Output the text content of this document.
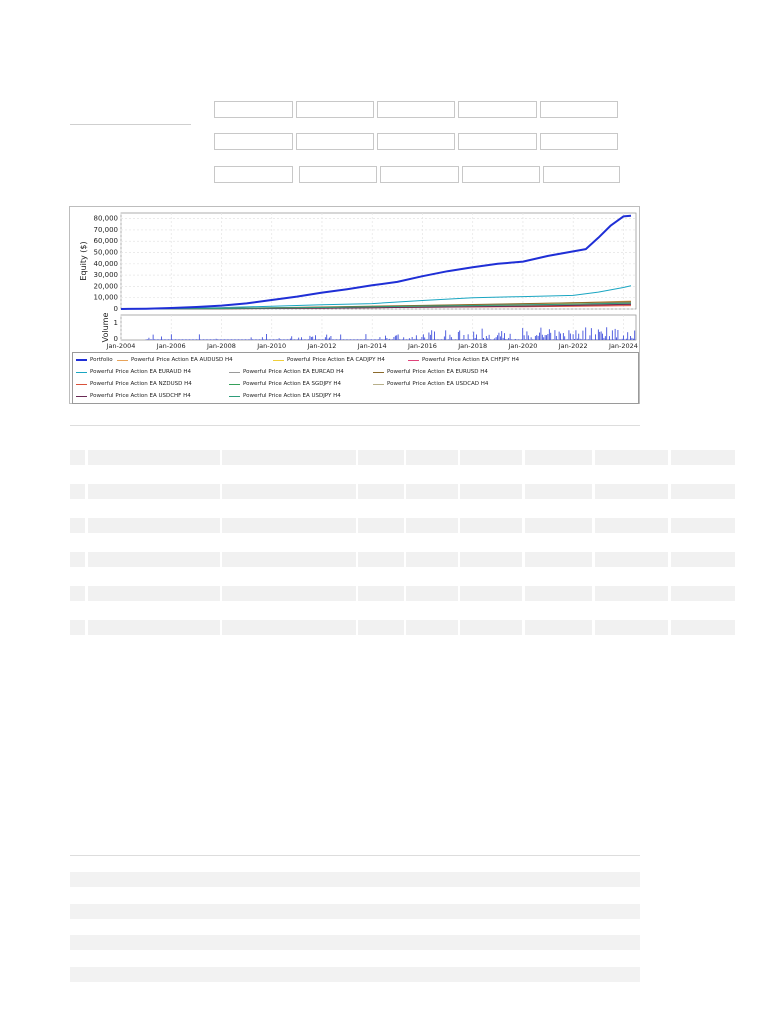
80,000
70,000
60,000
50,000
40,000
30,000
20,000
10,000
0
1
0
Jan-2004	Jan-2006	Jan-2008	Jan-2010	Jan-2012	Jan-2014	Jan-2016	Jan-2018	Jan-2020	Jan-2022	Jan-2024
Equity ($)
Volume
Portfolio	Powerful Price Action EA AUDUSD H4	Powerful Price Action EA CADJPY H4	Powerful Price Action EA CHFJPY H4
Powerful Price Action EA EURAUD H4	Powerful Price Action EA EURCAD H4	Powerful Price Action EA EURUSD H4
Powerful Price Action EA NZDUSD H4	Powerful Price Action EA SGDJPY H4	Powerful Price Action EA USDCAD H4
Powerful Price Action EA USDCHF H4	Powerful Price Action EA USDJPY H4
